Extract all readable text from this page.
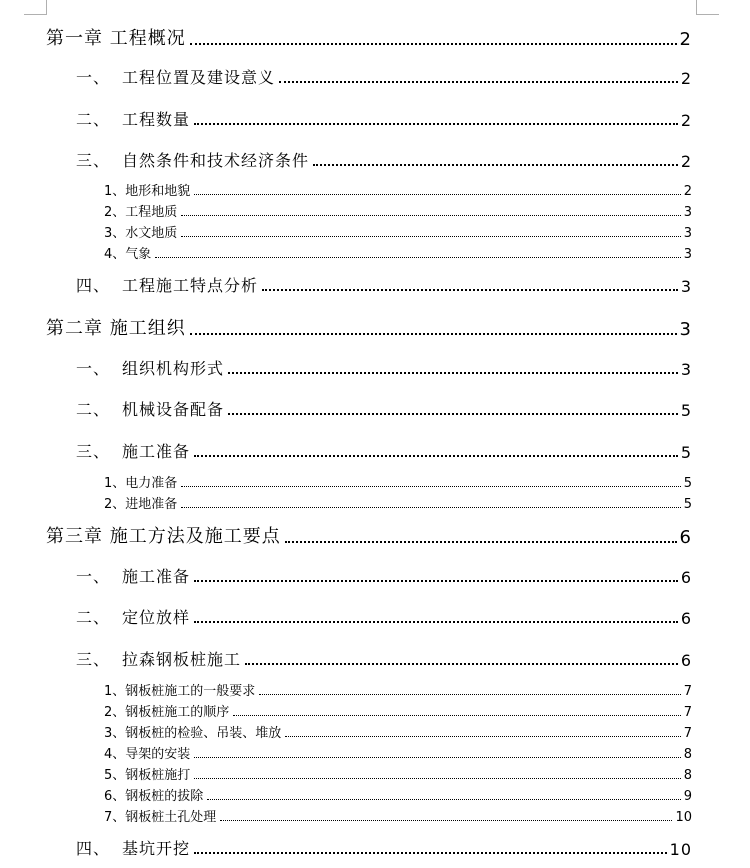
第一章 工程概况	2
一、 工程位置及建设意义	2
二、 工程数量	2
三、 自然条件和技术经济条件	2
1、地形和地貌	2
2、工程地质	3
3、水文地质	3
4、气象	3
四、 工程施工特点分析	3
第二章 施工组织	3
一、 组织机构形式	3
二、 机械设备配备	5
三、 施工准备	5
1、电力准备	5
2、进地准备	5
第三章 施工方法及施工要点	6
一、 施工准备	6
二、 定位放样	6
三、 拉森钢板桩施工	6
1、钢板桩施工的一般要求	7
2、钢板桩施工的顺序	7
3、钢板桩的检验、吊装、堆放	7
4、导架的安装	8
5、钢板桩施打	8
6、钢板桩的拔除	9
7、钢板桩土孔处理	10
四、 基坑开挖	10
